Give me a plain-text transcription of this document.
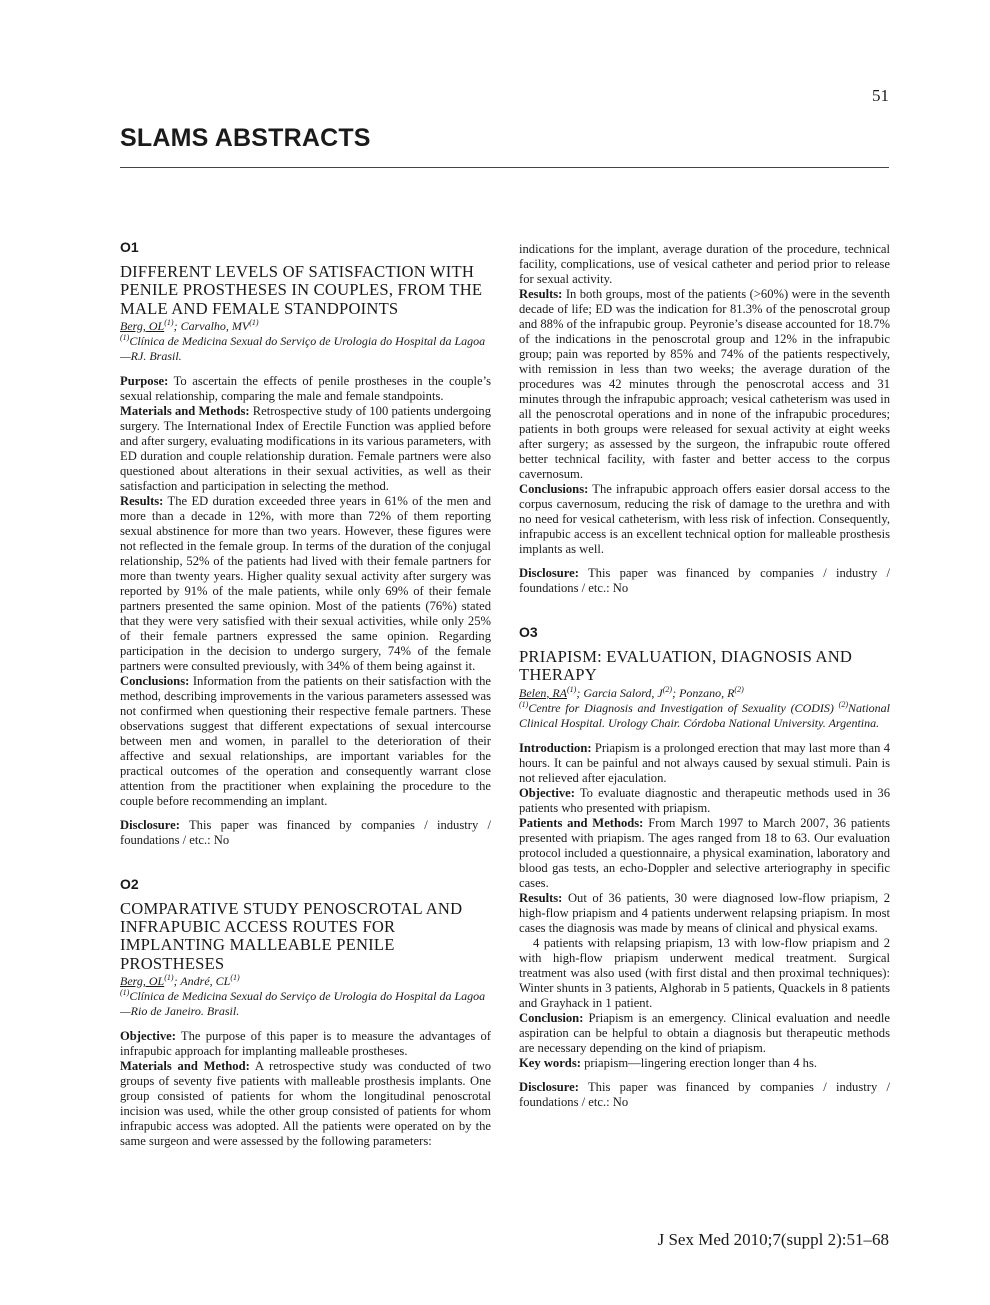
51
SLAMS ABSTRACTS
O1
DIFFERENT LEVELS OF SATISFACTION WITH PENILE PROSTHESES IN COUPLES, FROM THE MALE AND FEMALE STANDPOINTS
Berg, OL$^{(1)}$; Carvalho, MV$^{(1)}$
$^{(1)}$Clínica de Medicina Sexual do Serviço de Urologia do Hospital da Lagoa—RJ. Brasil.

Purpose: To ascertain the effects of penile prostheses in the couple’s sexual relationship, comparing the male and female standpoints.

Materials and Methods: Retrospective study of 100 patients undergoing surgery. The International Index of Erectile Function was applied before and after surgery, evaluating modifications in its various parameters, with ED duration and couple relationship duration. Female partners were also questioned about alterations in their sexual activities, as well as their satisfaction and participation in selecting the method.

Results: The ED duration exceeded three years in 61% of the men and more than a decade in 12%, with more than 72% of them reporting sexual abstinence for more than two years. However, these figures were not reflected in the female group. In terms of the duration of the conjugal relationship, 52% of the patients had lived with their female partners for more than twenty years. Higher quality sexual activity after surgery was reported by 91% of the male patients, while only 69% of their female partners presented the same opinion. Most of the patients (76%) stated that they were very satisfied with their sexual activities, while only 25% of their female partners expressed the same opinion. Regarding participation in the decision to undergo surgery, 74% of the female partners were consulted previously, with 34% of them being against it.

Conclusions: Information from the patients on their satisfaction with the method, describing improvements in the various parameters assessed was not confirmed when questioning their respective female partners. These observations suggest that different expectations of sexual intercourse between men and women, in parallel to the deterioration of their affective and sexual relationships, are important variables for the practical outcomes of the operation and consequently warrant close attention from the practitioner when explaining the procedure to the couple before recommending an implant.

Disclosure: This paper was financed by companies / industry / foundations / etc.: No

O2
COMPARATIVE STUDY PENOSCROTAL AND INFRAPUBIC ACCESS ROUTES FOR IMPLANTING MALLEABLE PENILE PROSTHESES
Berg, OL$^{(1)}$; André, CL$^{(1)}$
$^{(1)}$Clínica de Medicina Sexual do Serviço de Urologia do Hospital da Lagoa—Rio de Janeiro. Brasil.

Objective: The purpose of this paper is to measure the advantages of infrapubic approach for implanting malleable prostheses.

Materials and Method: A retrospective study was conducted of two groups of seventy five patients with malleable prosthesis implants. One group consisted of patients for whom the longitudinal penoscrotal incision was used, while the other group consisted of patients for whom infrapubic access was adopted. All the patients were operated on by the same surgeon and were assessed by the following parameters:

indications for the implant, average duration of the procedure, technical facility, complications, use of vesical catheter and period prior to release for sexual activity.

Results: In both groups, most of the patients (>60%) were in the seventh decade of life; ED was the indication for 81.3% of the penoscrotal group and 88% of the infrapubic group. Peyronie’s disease accounted for 18.7% of the indications in the penoscrotal group and 12% in the infrapubic group; pain was reported by 85% and 74% of the patients respectively, with remission in less than two weeks; the average duration of the procedures was 42 minutes through the penoscrotal access and 31 minutes through the infrapubic approach; vesical catheterism was used in all the penoscrotal operations and in none of the infrapubic procedures; patients in both groups were released for sexual activity at eight weeks after surgery; as assessed by the surgeon, the infrapubic route offered better technical facility, with faster and better access to the corpus cavernosum.

Conclusions: The infrapubic approach offers easier dorsal access to the corpus cavernosum, reducing the risk of damage to the urethra and with no need for vesical catheterism, with less risk of infection. Consequently, infrapubic access is an excellent technical option for malleable prosthesis implants as well.

Disclosure: This paper was financed by companies / industry / foundations / etc.: No

O3
PRIAPISM: EVALUATION, DIAGNOSIS AND THERAPY
Belen, RA$^{(1)}$; Garcia Salord, $J^{(2)}$; Ponzano, $R^{(2)}$
$^{(1)}$Centre for Diagnosis and Investigation of Sexuality (CODIS) $^{(2)}$National Clinical Hospital. Urology Chair. Córdoba National University. Argentina.

Introduction: Priapism is a prolonged erection that may last more than 4 hours. It can be painful and not always caused by sexual stimuli. Pain is not relieved after ejaculation.

Objective: To evaluate diagnostic and therapeutic methods used in 36 patients who presented with priapism.

Patients and Methods: From March 1997 to March 2007, 36 patients presented with priapism. The ages ranged from 18 to 63. Our evaluation protocol included a questionnaire, a physical examination, laboratory and blood gas tests, an echo-Doppler and selective arteriography in specific cases.

Results: Out of 36 patients, 30 were diagnosed low-flow priapism, 2 high-flow priapism and 4 patients underwent relapsing priapism. In most cases the diagnosis was made by means of clinical and physical exams.

4 patients with relapsing priapism, 13 with low-flow priapism and 2 with high-flow priapism underwent medical treatment. Surgical treatment was also used (with first distal and then proximal techniques): Winter shunts in 3 patients, Alghorab in 5 patients, Quackels in 8 patients and Grayhack in 1 patient.

Conclusion: Priapism is an emergency. Clinical evaluation and needle aspiration can be helpful to obtain a diagnosis but therapeutic methods are necessary depending on the kind of priapism.

Key words: priapism—lingering erection longer than 4 hs.

Disclosure: This paper was financed by companies / industry / foundations / etc.: No

J Sex Med 2010;7(suppl 2):51–68
